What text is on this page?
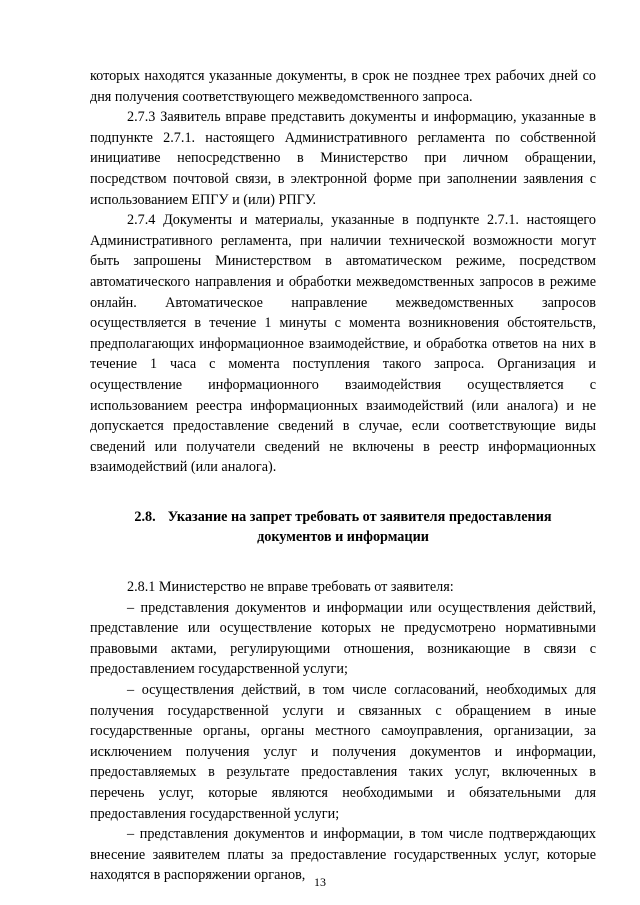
которых находятся указанные документы, в срок не позднее трех рабочих дней со дня получения соответствующего межведомственного запроса.

2.7.3 Заявитель вправе представить документы и информацию, указанные в подпункте 2.7.1. настоящего Административного регламента по собственной инициативе непосредственно в Министерство при личном обращении, посредством почтовой связи, в электронной форме при заполнении заявления с использованием ЕПГУ и (или) РПГУ.

2.7.4 Документы и материалы, указанные в подпункте 2.7.1. настоящего Административного регламента, при наличии технической возможности могут быть запрошены Министерством в автоматическом режиме, посредством автоматического направления и обработки межведомственных запросов в режиме онлайн. Автоматическое направление межведомственных запросов осуществляется в течение 1 минуты с момента возникновения обстоятельств, предполагающих информационное взаимодействие, и обработка ответов на них в течение 1 часа с момента поступления такого запроса. Организация и осуществление информационного взаимодействия осуществляется с использованием реестра информационных взаимодействий (или аналога) и не допускается предоставление сведений в случае, если соответствующие виды сведений или получатели сведений не включены в реестр информационных взаимодействий (или аналога).

2.8. Указание на запрет требовать от заявителя предоставления документов и информации

2.8.1 Министерство не вправе требовать от заявителя:

– представления документов и информации или осуществления действий, представление или осуществление которых не предусмотрено нормативными правовыми актами, регулирующими отношения, возникающие в связи с предоставлением государственной услуги;

– осуществления действий, в том числе согласований, необходимых для получения государственной услуги и связанных с обращением в иные государственные органы, органы местного самоуправления, организации, за исключением получения услуг и получения документов и информации, предоставляемых в результате предоставления таких услуг, включенных в перечень услуг, которые являются необходимыми и обязательными для предоставления государственной услуги;

– представления документов и информации, в том числе подтверждающих внесение заявителем платы за предоставление государственных услуг, которые находятся в распоряжении органов, 13
